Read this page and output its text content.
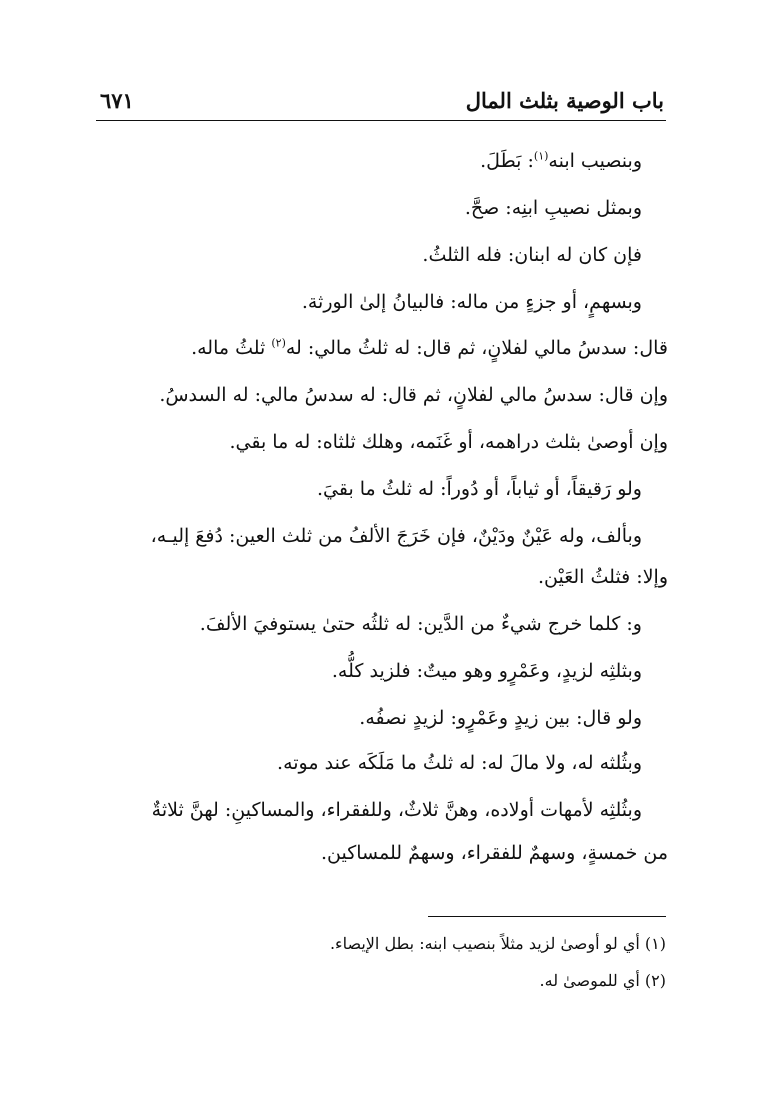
باب الوصية بثلث المال
٦٧١
وبنصيب ابنه$^{(١)}$: بَطَلَ.
وبمثل نصيبِ ابنِه: صحَّ.
فإن كان له ابنان: فله الثلثُ.
وبسهمٍ، أو جزءٍ من ماله: فالبيانُ إلىٰ الورثة.
قال: سدسُ مالي لفلانٍ، ثم قال: له ثلثُ مالي: له$^{(٢)}$ ثلثُ ماله.
وإن قال: سدسُ مالي لفلانٍ، ثم قال: له سدسُ مالي: له السدسُ.
وإن أوصىٰ بثلث دراهمه، أو غَنَمه، وهلك ثلثاه: له ما بقي.
ولو رَقيقاً، أو ثياباً، أو دُوراً: له ثلثُ ما بقيَ.
وبألف، وله عَيْنٌ ودَيْنٌ، فإن خَرَجَ الألفُ من ثلث العين: دُفعَ إليـه،
وإلا: فثلثُ العَيْن.
و: كلما خرج شيءٌ من الدَّين: له ثلثُه حتىٰ يستوفيَ الألفَ.
وبثلثِه لزيدٍ، وعَمْرٍو وهو ميتٌ: فلزيد كلُّه.
ولو قال: بين زيدٍ وعَمْرٍو: لزيدٍ نصفُه.
وبثُلثه له، ولا مالَ له: له ثلثُ ما مَلَكَه عند موته.
وبثُلثِه لأمهات أولاده، وهنَّ ثلاثٌ، وللفقراء، والمساكينِ: لهنَّ ثلاثةٌ
من خمسةٍ، وسهمٌ للفقراء، وسهمٌ للمساكين.
(١) أي لو أوصىٰ لزيد مثلاً بنصيب ابنه: بطل الإيصاء.
(٢) أي للموصىٰ له.
